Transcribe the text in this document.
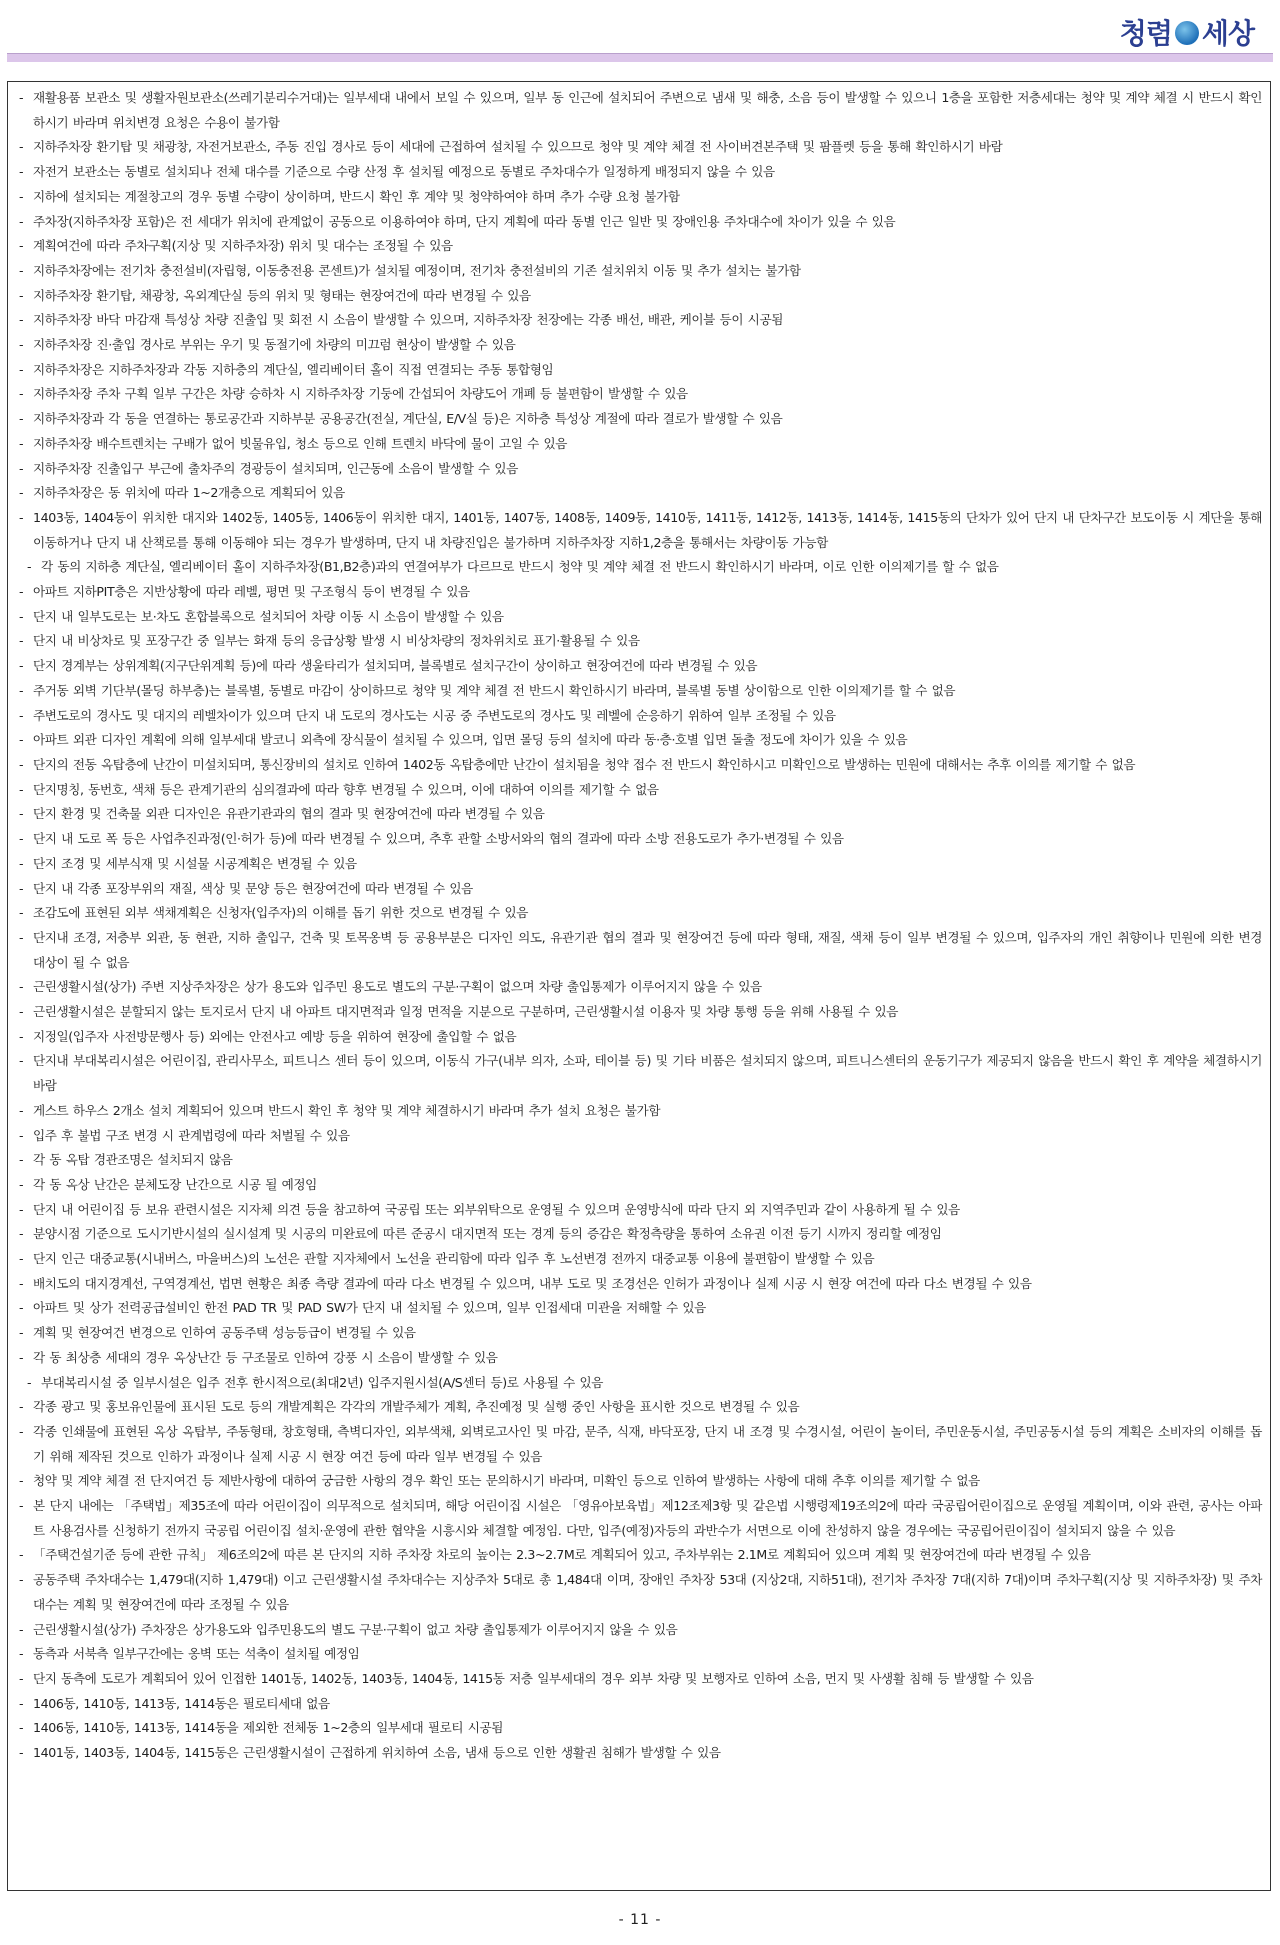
청렴 세상
- 재활용품 보관소 및 생활자원보관소(쓰레기분리수거대)는 일부세대 내에서 보일 수 있으며, 일부 동 인근에 설치되어 주변으로 냄새 및 해충, 소음 등이 발생할 수 있으니 1층을 포함한 저층세대는 청약 및 계약 체결 시 반드시 확인하시기 바라며 위치변경 요청은 수용이 불가함
- 지하주차장 환기탑 및 채광창, 자전거보관소, 주동 진입 경사로 등이 세대에 근접하여 설치될 수 있으므로 청약 및 계약 체결 전 사이버견본주택 및 팜플렛 등을 통해 확인하시기 바람
- 자전거 보관소는 동별로 설치되나 전체 대수를 기준으로 수량 산정 후 설치될 예정으로 동별로 주차대수가 일정하게 배정되지 않을 수 있음
- 지하에 설치되는 계절창고의 경우 동별 수량이 상이하며, 반드시 확인 후 계약 및 청약하여야 하며 추가 수량 요청 불가함
- 주차장(지하주차장 포함)은 전 세대가 위치에 관계없이 공동으로 이용하여야 하며, 단지 계획에 따라 동별 인근 일반 및 장애인용 주차대수에 차이가 있을 수 있음
- 계획여건에 따라 주차구획(지상 및 지하주차장) 위치 및 대수는 조정될 수 있음
- 지하주차장에는 전기차 충전설비(자립형, 이동충전용 콘센트)가 설치될 예정이며, 전기차 충전설비의 기존 설치위치 이동 및 추가 설치는 불가함
- 지하주차장 환기탑, 채광창, 옥외계단실 등의 위치 및 형태는 현장여건에 따라 변경될 수 있음
- 지하주차장 바닥 마감재 특성상 차량 진출입 및 회전 시 소음이 발생할 수 있으며, 지하주차장 천장에는 각종 배선, 배관, 케이블 등이 시공됨
- 지하주차장 진·출입 경사로 부위는 우기 및 동절기에 차량의 미끄럼 현상이 발생할 수 있음
- 지하주차장은 지하주차장과 각동 지하층의 계단실, 엘리베이터 홀이 직접 연결되는 주동 통합형임
- 지하주차장 주차 구획 일부 구간은 차량 승하차 시 지하주차장 기둥에 간섭되어 차량도어 개폐 등 불편함이 발생할 수 있음
- 지하주차장과 각 동을 연결하는 통로공간과 지하부분 공용공간(전실, 계단실, E/V실 등)은 지하층 특성상 계절에 따라 결로가 발생할 수 있음
- 지하주차장 배수트렌치는 구배가 없어 빗물유입, 청소 등으로 인해 트렌치 바닥에 물이 고일 수 있음
- 지하주차장 진출입구 부근에 출차주의 경광등이 설치되며, 인근동에 소음이 발생할 수 있음
- 지하주차장은 동 위치에 따라 1~2개층으로 계획되어 있음
- 1403동, 1404동이 위치한 대지와 1402동, 1405동, 1406동이 위치한 대지, 1401동, 1407동, 1408동, 1409동, 1410동, 1411동, 1412동, 1413동, 1414동, 1415동의 단차가 있어 단지 내 단차구간 보도이동 시 계단을 통해 이동하거나 단지 내 산책로를 통해 이동해야 되는 경우가 발생하며, 단지 내 차량진입은 불가하며 지하주차장 지하1,2층을 통해서는 차량이동 가능함
- 각 동의 지하층 계단실, 엘리베이터 홀이 지하주차장(B1,B2층)과의 연결여부가 다르므로 반드시 청약 및 계약 체결 전 반드시 확인하시기 바라며, 이로 인한 이의제기를 할 수 없음
- 아파트 지하PIT층은 지반상황에 따라 레벨, 평면 및 구조형식 등이 변경될 수 있음
- 단지 내 일부도로는 보·차도 혼합블록으로 설치되어 차량 이동 시 소음이 발생할 수 있음
- 단지 내 비상차로 및 포장구간 중 일부는 화재 등의 응급상황 발생 시 비상차량의 정차위치로 표기·활용될 수 있음
- 단지 경계부는 상위계획(지구단위계획 등)에 따라 생울타리가 설치되며, 블록별로 설치구간이 상이하고 현장여건에 따라 변경될 수 있음
- 주거동 외벽 기단부(몰딩 하부층)는 블록별, 동별로 마감이 상이하므로 청약 및 계약 체결 전 반드시 확인하시기 바라며, 블록별 동별 상이함으로 인한 이의제기를 할 수 없음
- 주변도로의 경사도 및 대지의 레벨차이가 있으며 단지 내 도로의 경사도는 시공 중 주변도로의 경사도 및 레벨에 순응하기 위하여 일부 조정될 수 있음
- 아파트 외관 디자인 계획에 의해 일부세대 발코니 외측에 장식물이 설치될 수 있으며, 입면 몰딩 등의 설치에 따라 동·층·호별 입면 돌출 정도에 차이가 있을 수 있음
- 단지의 전동 옥탑층에 난간이 미설치되며, 통신장비의 설치로 인하여 1402동 옥탑층에만 난간이 설치됨을 청약 접수 전 반드시 확인하시고 미확인으로 발생하는 민원에 대해서는 추후 이의를 제기할 수 없음
- 단지명칭, 동번호, 색채 등은 관계기관의 심의결과에 따라 향후 변경될 수 있으며, 이에 대하여 이의를 제기할 수 없음
- 단지 환경 및 건축물 외관 디자인은 유관기관과의 협의 결과 및 현장여건에 따라 변경될 수 있음
- 단지 내 도로 폭 등은 사업추진과정(인·허가 등)에 따라 변경될 수 있으며, 추후 관할 소방서와의 협의 결과에 따라 소방 전용도로가 추가·변경될 수 있음
- 단지 조경 및 세부식재 및 시설물 시공계획은 변경될 수 있음
- 단지 내 각종 포장부위의 재질, 색상 및 문양 등은 현장여건에 따라 변경될 수 있음
- 조감도에 표현된 외부 색채계획은 신청자(입주자)의 이해를 돕기 위한 것으로 변경될 수 있음
- 단지내 조경, 저층부 외관, 동 현관, 지하 출입구, 건축 및 토목옹벽 등 공용부분은 디자인 의도, 유관기관 협의 결과 및 현장여건 등에 따라 형태, 재질, 색채 등이 일부 변경될 수 있으며, 입주자의 개인 취향이나 민원에 의한 변경 대상이 될 수 없음
- 근린생활시설(상가) 주변 지상주차장은 상가 용도와 입주민 용도로 별도의 구분·구획이 없으며 차량 출입통제가 이루어지지 않을 수 있음
- 근린생활시설은 분할되지 않는 토지로서 단지 내 아파트 대지면적과 일정 면적을 지분으로 구분하며, 근린생활시설 이용자 및 차량 통행 등을 위해 사용될 수 있음
- 지정일(입주자 사전방문행사 등) 외에는 안전사고 예방 등을 위하여 현장에 출입할 수 없음
- 단지내 부대복리시설은 어린이집, 관리사무소, 피트니스 센터 등이 있으며, 이동식 가구(내부 의자, 소파, 테이블 등) 및 기타 비품은 설치되지 않으며, 피트니스센터의 운동기구가 제공되지 않음을 반드시 확인 후 계약을 체결하시기 바람
- 게스트 하우스 2개소 설치 계획되어 있으며 반드시 확인 후 청약 및 계약 체결하시기 바라며 추가 설치 요청은 불가함
- 입주 후 불법 구조 변경 시 관계법령에 따라 처벌될 수 있음
- 각 동 옥탑 경관조명은 설치되지 않음
- 각 동 옥상 난간은 분체도장 난간으로 시공 될 예정임
- 단지 내 어린이집 등 보유 관련시설은 지자체 의견 등을 참고하여 국공립 또는 외부위탁으로 운영될 수 있으며 운영방식에 따라 단지 외 지역주민과 같이 사용하게 될 수 있음
- 분양시점 기준으로 도시기반시설의 실시설계 및 시공의 미완료에 따른 준공시 대지면적 또는 경계 등의 증감은 확정측량을 통하여 소유권 이전 등기 시까지 정리할 예정임
- 단지 인근 대중교통(시내버스, 마을버스)의 노선은 관할 지자체에서 노선을 관리함에 따라 입주 후 노선변경 전까지 대중교통 이용에 불편함이 발생할 수 있음
- 배치도의 대지경계선, 구역경계선, 법면 현황은 최종 측량 결과에 따라 다소 변경될 수 있으며, 내부 도로 및 조경선은 인허가 과정이나 실제 시공 시 현장 여건에 따라 다소 변경될 수 있음
- 아파트 및 상가 전력공급설비인 한전 PAD TR 및 PAD SW가 단지 내 설치될 수 있으며, 일부 인접세대 미관을 저해할 수 있음
- 계획 및 현장여건 변경으로 인하여 공동주택 성능등급이 변경될 수 있음
- 각 동 최상층 세대의 경우 옥상난간 등 구조물로 인하여 강풍 시 소음이 발생할 수 있음
- 부대복리시설 중 일부시설은 입주 전후 한시적으로(최대2년) 입주지원시설(A/S센터 등)로 사용될 수 있음
- 각종 광고 및 홍보유인물에 표시된 도로 등의 개발계획은 각각의 개발주체가 계획, 추진예정 및 실행 중인 사항을 표시한 것으로 변경될 수 있음
- 각종 인쇄물에 표현된 옥상 옥탑부, 주동형태, 창호형태, 측벽디자인, 외부색채, 외벽로고사인 및 마감, 문주, 식재, 바닥포장, 단지 내 조경 및 수경시설, 어린이 놀이터, 주민운동시설, 주민공동시설 등의 계획은 소비자의 이해를 돕기 위해 제작된 것으로 인하가 과정이나 실제 시공 시 현장 여건 등에 따라 일부 변경될 수 있음
- 청약 및 계약 체결 전 단지여건 등 제반사항에 대하여 궁금한 사항의 경우 확인 또는 문의하시기 바라며, 미확인 등으로 인하여 발생하는 사항에 대해 추후 이의를 제기할 수 없음
- 본 단지 내에는 「주택법」제35조에 따라 어린이집이 의무적으로 설치되며, 해당 어린이집 시설은 「영유아보육법」제12조제3항 및 같은법 시행령제19조의2에 따라 국공립어린이집으로 운영될 계획이며, 이와 관련, 공사는 아파트 사용검사를 신청하기 전까지 국공립 어린이집 설치·운영에 관한 협약을 시흥시와 체결할 예정임. 다만, 입주(예정)자등의 과반수가 서면으로 이에 찬성하지 않을 경우에는 국공립어린이집이 설치되지 않을 수 있음
- 「주택건설기준 등에 관한 규칙」 제6조의2에 따른 본 단지의 지하 주차장 차로의 높이는 2.3~2.7M로 계획되어 있고, 주차부위는 2.1M로 계획되어 있으며 계획 및 현장여건에 따라 변경될 수 있음
- 공동주택 주차대수는 1,479대(지하 1,479대) 이고 근린생활시설 주차대수는 지상주차 5대로 총 1,484대 이며, 장애인 주차장 53대 (지상2대, 지하51대), 전기차 주차장 7대(지하 7대)이며 주차구획(지상 및 지하주차장) 및 주차대수는 계획 및 현장여건에 따라 조정될 수 있음
- 근린생활시설(상가) 주차장은 상가용도와 입주민용도의 별도 구분·구획이 없고 차량 출입통제가 이루어지지 않을 수 있음
- 동측과 서북측 일부구간에는 옹벽 또는 석축이 설치될 예정임
- 단지 동측에 도로가 계획되어 있어 인접한 1401동, 1402동, 1403동, 1404동, 1415동 저층 일부세대의 경우 외부 차량 및 보행자로 인하여 소음, 먼지 및 사생활 침해 등 발생할 수 있음
- 1406동, 1410동, 1413동, 1414동은 필로티세대 없음
- 1406동, 1410동, 1413동, 1414동을 제외한 전체동 1~2층의 일부세대 필로티 시공됨
- 1401동, 1403동, 1404동, 1415동은 근린생활시설이 근접하게 위치하여 소음, 냄새 등으로 인한 생활권 침해가 발생할 수 있음
- 11 -
